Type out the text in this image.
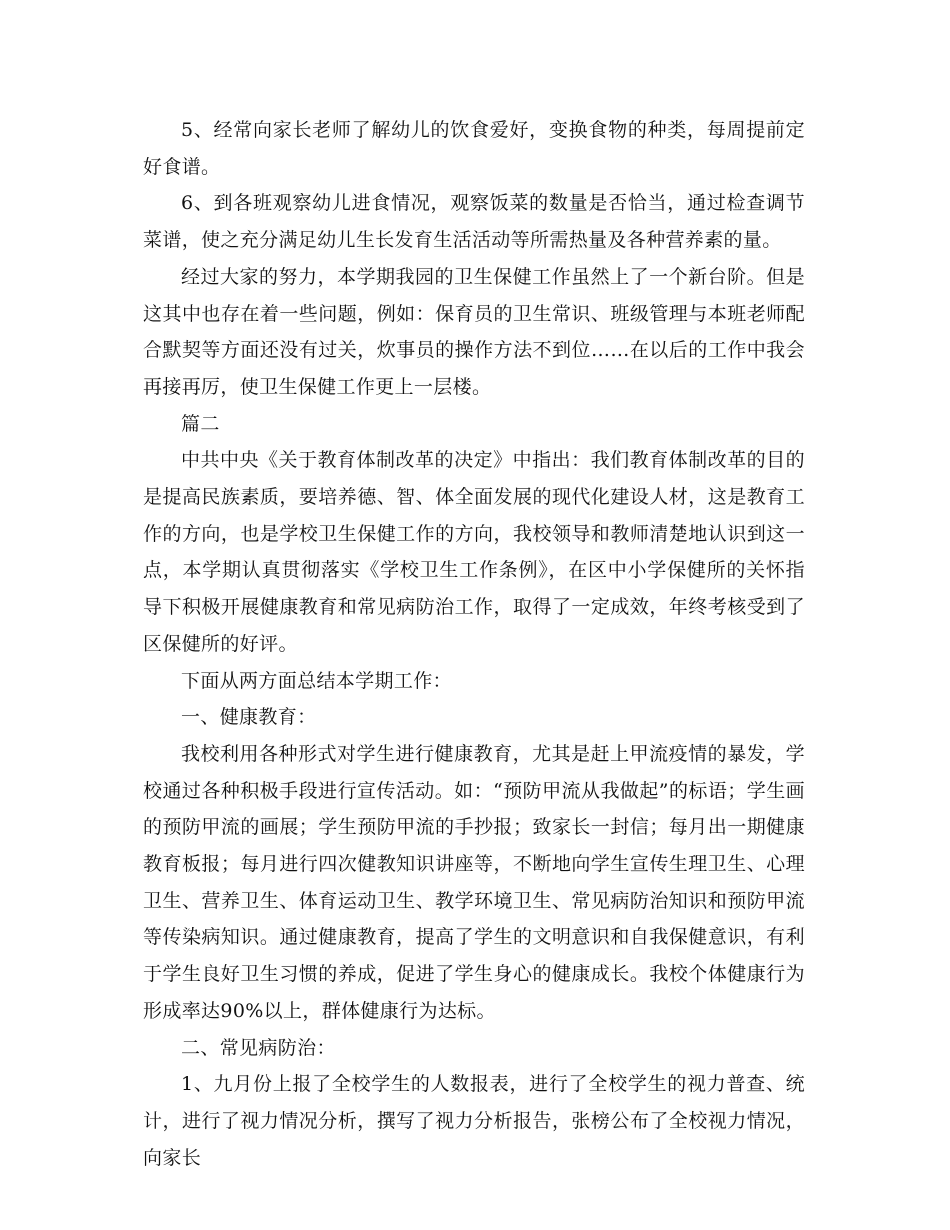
5、经常向家长老师了解幼儿的饮食爱好，变换食物的种类，每周提前定好食谱。

6、到各班观察幼儿进食情况，观察饭菜的数量是否恰当，通过检查调节菜谱，使之充分满足幼儿生长发育生活活动等所需热量及各种营养素的量。

经过大家的努力，本学期我园的卫生保健工作虽然上了一个新台阶。但是这其中也存在着一些问题，例如：保育员的卫生常识、班级管理与本班老师配合默契等方面还没有过关，炊事员的操作方法不到位……在以后的工作中我会再接再厉，使卫生保健工作更上一层楼。

篇二

中共中央《关于教育体制改革的决定》中指出：我们教育体制改革的目的是提高民族素质，要培养德、智、体全面发展的现代化建设人材，这是教育工作的方向，也是学校卫生保健工作的方向，我校领导和教师清楚地认识到这一点，本学期认真贯彻落实《学校卫生工作条例》，在区中小学保健所的关怀指导下积极开展健康教育和常见病防治工作，取得了一定成效，年终考核受到了区保健所的好评。

下面从两方面总结本学期工作：

一、健康教育：

我校利用各种形式对学生进行健康教育，尤其是赶上甲流疫情的暴发，学校通过各种积极手段进行宣传活动。如：“预防甲流从我做起”的标语；学生画的预防甲流的画展；学生预防甲流的手抄报；致家长一封信；每月出一期健康教育板报；每月进行四次健教知识讲座等，不断地向学生宣传生理卫生、心理卫生、营养卫生、体育运动卫生、教学环境卫生、常见病防治知识和预防甲流等传染病知识。通过健康教育，提高了学生的文明意识和自我保健意识，有利于学生良好卫生习惯的养成，促进了学生身心的健康成长。我校个体健康行为形成率达90%以上，群体健康行为达标。

二、常见病防治：

1、九月份上报了全校学生的人数报表，进行了全校学生的视力普查、统计，进行了视力情况分析，撰写了视力分析报告，张榜公布了全校视力情况，向家长
